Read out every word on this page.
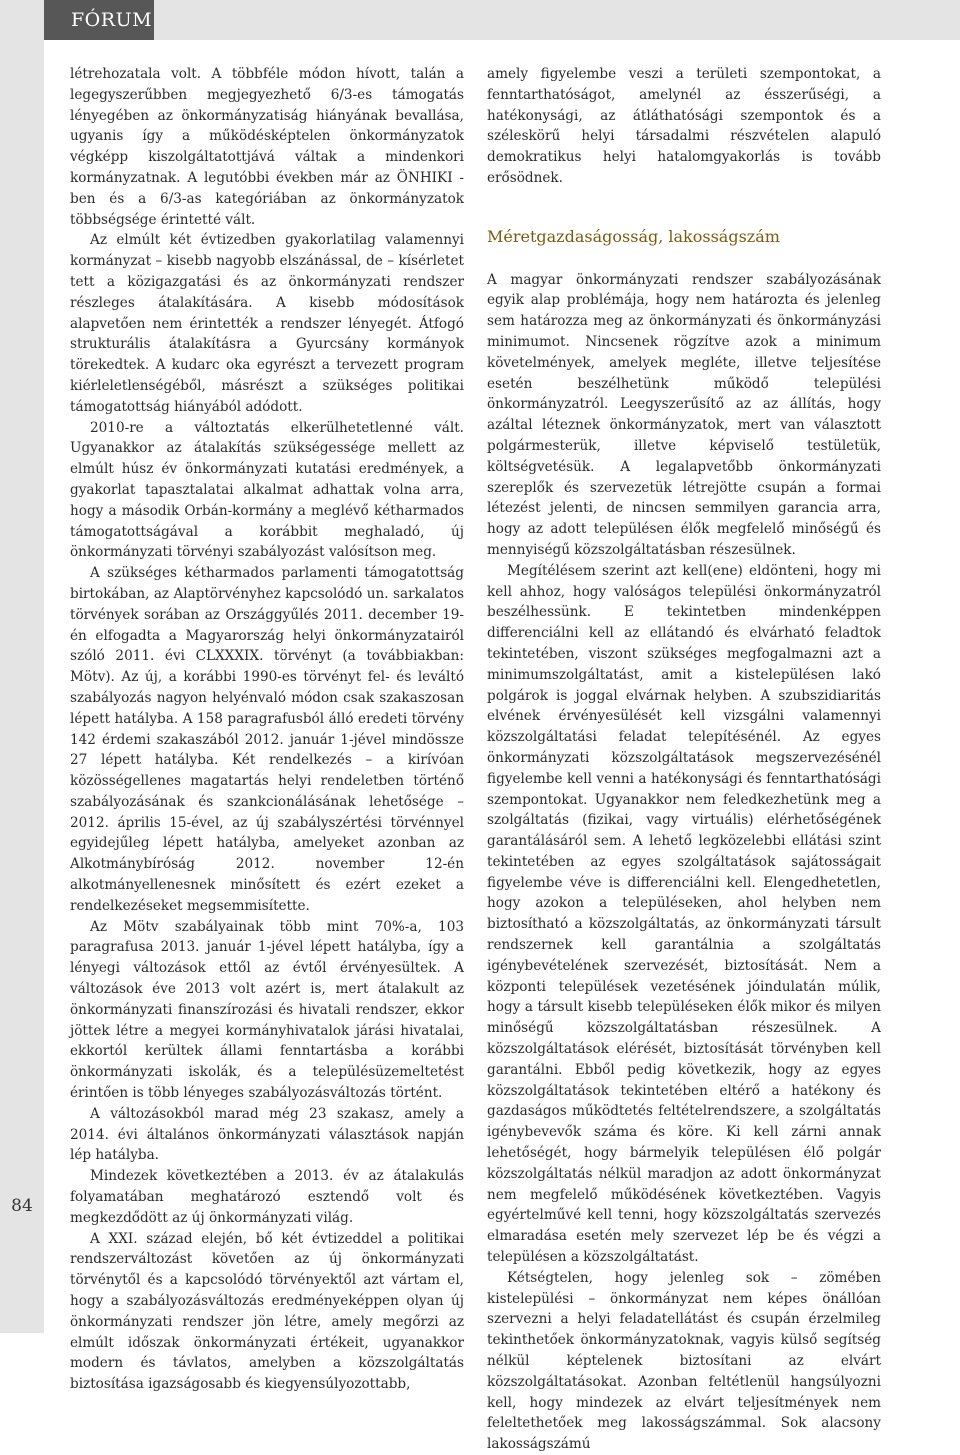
FÓRUM
84

létrehozatala volt. A többféle módon hívott, talán a legegyszerűbben megjegyezhető 6/3-es támogatás lényegében az önkormányzatiság hiányának bevallása, ugyanis így a működésképtelen önkormányzatok végképp kiszolgáltatottjává váltak a mindenkori kormányzatnak. A legutóbbi években már az ÖNHIKI -ben és a 6/3-as kategóriában az önkormányzatok többségsége érintetté vált.

Az elmúlt két évtizedben gyakorlatilag valamennyi kormányzat – kisebb nagyobb elszánással, de – kísérletet tett a közigazgatási és az önkormányzati rendszer részleges átalakítására. A kisebb módosítások alapvetően nem érintették a rendszer lényegét. Átfogó strukturális átalakításra a Gyurcsány kormányok törekedtek. A kudarc oka egyrészt a tervezett program kiérleletlenségéből, másrészt a szükséges politikai támogatottság hiányából adódott.

2010-re a változtatás elkerülhetetlenné vált. Ugyanakkor az átalakítás szükségessége mellett az elmúlt húsz év önkormányzati kutatási eredmények, a gyakorlat tapasztalatai alkalmat adhattak volna arra, hogy a második Orbán-kormány a meglévő kétharmados támogatottságával a korábbit meghaladó, új önkormányzati törvényi szabályozást valósítson meg.

A szükséges kétharmados parlamenti támogatottság birtokában, az Alaptörvényhez kapcsolódó un. sarkalatos törvények sorában az Országgyűlés 2011. december 19-én elfogadta a Magyarország helyi önkormányzatairól szóló 2011. évi CLXXXIX. törvényt (a továbbiakban: Mötv). Az új, a korábbi 1990-es törvényt fel- és leváltó szabályozás nagyon helyénvaló módon csak szakaszosan lépett hatályba. A 158 paragrafusból álló eredeti törvény 142 érdemi szakaszából 2012. január 1-jével mindössze 27 lépett hatályba. Két rendelkezés – a kirívóan közösségellenes magatartás helyi rendeletben történő szabályozásának és szankcionálásának lehetősége – 2012. április 15-ével, az új szabályszértési törvénnyel egyidejűleg lépett hatályba, amelyeket azonban az Alkotmánybíróság 2012. november 12-én alkotmányellenesnek minősített és ezért ezeket a rendelkezéseket megsemmisítette.

Az Mötv szabályainak több mint 70%-a, 103 paragrafusa 2013. január 1-jével lépett hatályba, így a lényegi változások ettől az évtől érvényesültek. A változások éve 2013 volt azért is, mert átalakult az önkormányzati finanszírozási és hivatali rendszer, ekkor jöttek létre a megyei kormányhivatalok járási hivatalai, ekkortól kerültek állami fenntartásba a korábbi önkormányzati iskolák, és a településüzemeltetést érintően is több lényeges szabályozásváltozás történt.

A változásokból marad még 23 szakasz, amely a 2014. évi általános önkormányzati választások napján lép hatályba.

Mindezek következtében a 2013. év az átalakulás folyamatában meghatározó esztendő volt és megkezdődött az új önkormányzati világ.

A XXI. század elején, bő két évtizeddel a politikai rendszerváltozást követően az új önkormányzati törvénytől és a kapcsolódó törvényektől azt vártam el, hogy a szabályozásváltozás eredményeképpen olyan új önkormányzati rendszer jön létre, amely megőrzi az elmúlt időszak önkormányzati értékeit, ugyanakkor modern és távlatos, amelyben a közszolgáltatás biztosítása igazságosabb és kiegyensúlyozottabb,

amely figyelembe veszi a területi szempontokat, a fenntarthatóságot, amelynél az ésszerűségi, a hatékonysági, az átláthatósági szempontok és a széleskörű helyi társadalmi részvételen alapuló demokratikus helyi hatalomgyakorlás is tovább erősödnek.

Méretgazdaságosság, lakosságszám

A magyar önkormányzati rendszer szabályozásának egyik alap problémája, hogy nem határozta és jelenleg sem határozza meg az önkormányzati és önkormányzási minimumot. Nincsenek rögzítve azok a minimum követelmények, amelyek megléte, illetve teljesítése esetén beszélhetünk működő települési önkormányzatról. Leegyszerűsítő az az állítás, hogy azáltal léteznek önkormányzatok, mert van választott polgármesterük, illetve képviselő testületük, költségvetésük. A legalapvetőbb önkormányzati szereplők és szervezetük létrejötte csupán a formai létezést jelenti, de nincsen semmilyen garancia arra, hogy az adott településen élők megfelelő minőségű és mennyiségű közszolgáltatásban részesülnek.

Megítélésem szerint azt kell(ene) eldönteni, hogy mi kell ahhoz, hogy valóságos települési önkormányzatról beszélhessünk. E tekintetben mindenképpen differenciálni kell az ellátandó és elvárható feladtok tekintetében, viszont szükséges megfogalmazni azt a minimumszolgáltatást, amit a kistelepülésen lakó polgárok is joggal elvárnak helyben. A szubszidiaritás elvének érvényesülését kell vizsgálni valamennyi közszolgáltatási feladat telepítésénél. Az egyes önkormányzati közszolgáltatások megszervezésénél figyelembe kell venni a hatékonysági és fenntarthatósági szempontokat. Ugyanakkor nem feledkezhetünk meg a szolgáltatás (fizikai, vagy virtuális) elérhetőségének garantálásáról sem. A lehető legközelebbi ellátási szint tekintetében az egyes szolgáltatások sajátosságait figyelembe véve is differenciálni kell. Elengedhetetlen, hogy azokon a településeken, ahol helyben nem biztosítható a közszolgáltatás, az önkormányzati társult rendszernek kell garantálnia a szolgáltatás igénybevételének szervezését, biztosítását. Nem a központi települések vezetésének jóindulatán múlik, hogy a társult kisebb településeken élők mikor és milyen minőségű közszolgáltatásban részesülnek. A közszolgáltatások elérését, biztosítását törvényben kell garantálni. Ebből pedig következik, hogy az egyes közszolgáltatások tekintetében eltérő a hatékony és gazdaságos működtetés feltételrendszere, a szolgáltatás igénybevevők száma és köre. Ki kell zárni annak lehetőségét, hogy bármelyik településen élő polgár közszolgáltatás nélkül maradjon az adott önkormányzat nem megfelelő működésének következtében. Vagyis egyértelművé kell tenni, hogy közszolgáltatás szervezés elmaradása esetén mely szervezet lép be és végzi a településen a közszolgáltatást.

Kétségtelen, hogy jelenleg sok – zömében kistelepülési – önkormányzat nem képes önállóan szervezni a helyi feladatellátást és csupán érzelmileg tekinthetőek önkormányzatoknak, vagyis külső segítség nélkül képtelenek biztosítani az elvárt közszolgáltatásokat. Azonban feltétlenül hangsúlyozni kell, hogy mindezek az elvárt teljesítmények nem feleltethetőek meg lakosságszámmal. Sok alacsony lakosságszámú
